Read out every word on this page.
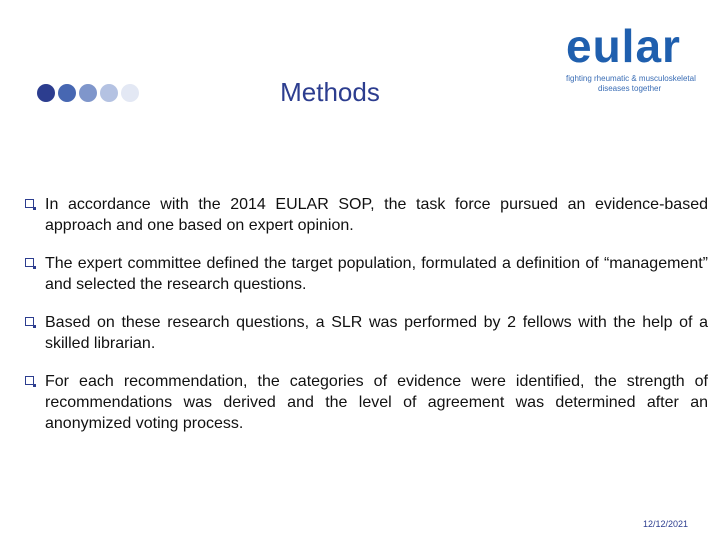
Methods
eular
fighting rheumatic & musculoskeletal
diseases together
In accordance with the 2014 EULAR SOP, the task force pursued an evidence-based approach and one based on expert opinion.
The expert committee defined the target population, formulated a definition of “management” and selected the research questions.
Based on these research questions, a SLR was performed by 2 fellows with the help of a skilled librarian.
For each recommendation, the categories of evidence were identified, the strength of recommendations was derived and the level of agreement was determined after an anonymized voting process.
12/12/2021
